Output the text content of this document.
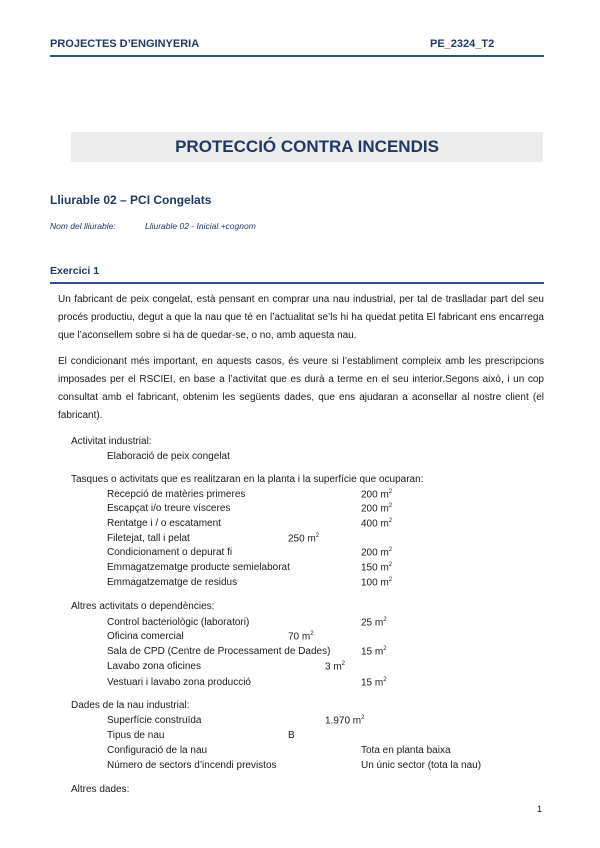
PROJECTES D’ENGINYERIA	PE_2324_T2
PROTECCIÓ CONTRA INCENDIS
Lliurable 02 – PCI Congelats
Nom del lliurable:	Lliurable 02 - Inicial.+cognom
Exercici 1
Un fabricant de peix congelat, està pensant en comprar una nau industrial, per tal de traslladar part del seu procés productiu, degut a que la nau que té en l’actualitat se’ls hi ha quedat petita El fabricant ens encarrega que l’aconsellem sobre si ha de quedar-se, o no, amb aquesta nau.
El condicionant més important, en aquests casos, és veure si l’establiment compleix amb les prescripcions imposades per el RSCIEI, en base a l’activitat que es durà a terme en el seu interior.Segons això, i un cop consultat amb el fabricant, obtenim les següents dades, que ens ajudaran a aconsellar al nostre client (el fabricant).
Activitat industrial:
Elaboració de peix congelat
Tasques o activitats que es realitzaran en la planta i la superfície que ocuparan:
Recepció de matèries primeres	200 $m^2$
Escapçat i/o treure vísceres	200 $m^2$
Rentatge i / o escatament	400 $m^2$
Filetejat, tall i pelat	250 $m^2$
Condicionament o depurat fi	200 $m^2$
Emmagatzematge producte semielaborat	150 $m^2$
Emmagatzematge de residus	100 $m^2$
Altres activitats o dependències:
Control bacteriològic (laboratori)	25 $m^2$
Oficina comercial	70 $m^2$
Sala de CPD (Centre de Processament de Dades)	15 $m^2$
Lavabo zona oficines	3 $m^2$
Vestuari i lavabo zona producció	15 $m^2$
Dades de la nau industrial:
Superfície construïda	1.970 $m^2$
Tipus de nau	B
Configuració de la nau	Tota en planta baixa
Número de sectors d’incendi previstos	Un únic sector (tota la nau)
Altres dades:
1
